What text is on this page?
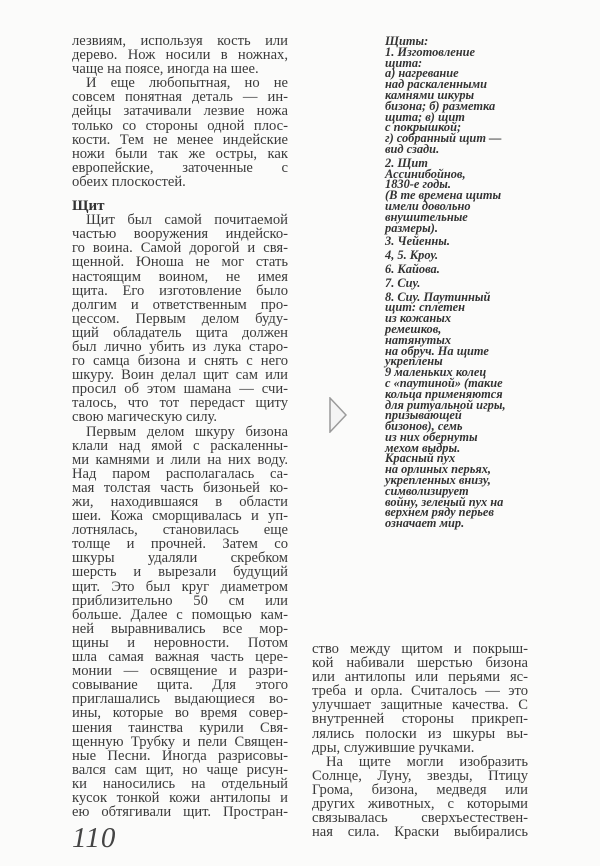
лезвиям, используя кость или
дерево. Нож носили в ножнах,
чаще на поясе, иногда на шее.
И еще любопытная, но не
совсем понятная деталь — ин-
дейцы затачивали лезвие ножа
только со стороны одной плос-
кости. Тем не менее индейские
ножи были так же остры, как
европейские, заточенные с
обеих плоскостей.
Щит
Щит был самой почитаемой
частью вооружения индейско-
го воина. Самой дорогой и свя-
щенной. Юноша не мог стать
настоящим воином, не имея
щита. Его изготовление было
долгим и ответственным про-
цессом. Первым делом буду-
щий обладатель щита должен
был лично убить из лука старо-
го самца бизона и снять с него
шкуру. Воин делал щит сам или
просил об этом шамана — счи-
талось, что тот передаст щиту
свою магическую силу.
Первым делом шкуру бизона
клали над ямой с раскаленны-
ми камнями и лили на них воду.
Над паром располагалась са-
мая толстая часть бизоньей ко-
жи, находившаяся в области
шеи. Кожа сморщивалась и уп-
лотнялась, становилась еще
толще и прочней. Затем со
шкуры удаляли скребком
шерсть и вырезали будущий
щит. Это был круг диаметром
приблизительно 50 см или
больше. Далее с помощью кам-
ней выравнивались все мор-
щины и неровности. Потом
шла самая важная часть цере-
монии — освящение и разри-
совывание щита. Для этого
приглашались выдающиеся во-
ины, которые во время совер-
шения таинства курили Свя-
щенную Трубку и пели Священ-
ные Песни. Иногда разрисовы-
вался сам щит, но чаще рисун-
ки наносились на отдельный
кусок тонкой кожи антилопы и
ею обтягивали щит. Простран-
ство между щитом и покрыш-
кой набивали шерстью бизона
или антилопы или перьями яс-
треба и орла. Считалось — это
улучшает защитные качества. С
внутренней стороны прикреп-
лялись полоски из шкуры вы-
дры, служившие ручками.
На щите могли изобразить
Солнце, Луну, звезды, Птицу
Грома, бизона, медведя или
других животных, с которыми
связывалась сверхъестествен-
ная сила. Краски выбирались
Щиты:
1. Изготовление
щита:
а) нагревание
над раскаленными
камнями шкуры
бизона; б) разметка
щита; в) щит
с покрышкой;
г) собранный щит —
вид сзади.
2. Щит
Ассинибойнов,
1830-е годы.
(В те времена щиты
имели довольно
внушительные
размеры).
3. Чейенны.
4, 5. Кроу.
6. Кайова.
7. Сиу.
8. Сиу. Паутинный
щит: сплетен
из кожаных
ремешков,
натянутых
на обруч. На щите
укреплены
9 маленьких колец
с «паутиной» (такие
кольца применяются
для ритуальной игры,
призывающей
бизонов), семь
из них обернуты
мехом выдры.
Красный пух
на орлиных перьях,
укрепленных внизу,
символизирует
войну, зеленый пух на
верхнем ряду перьев
означает мир.
110
